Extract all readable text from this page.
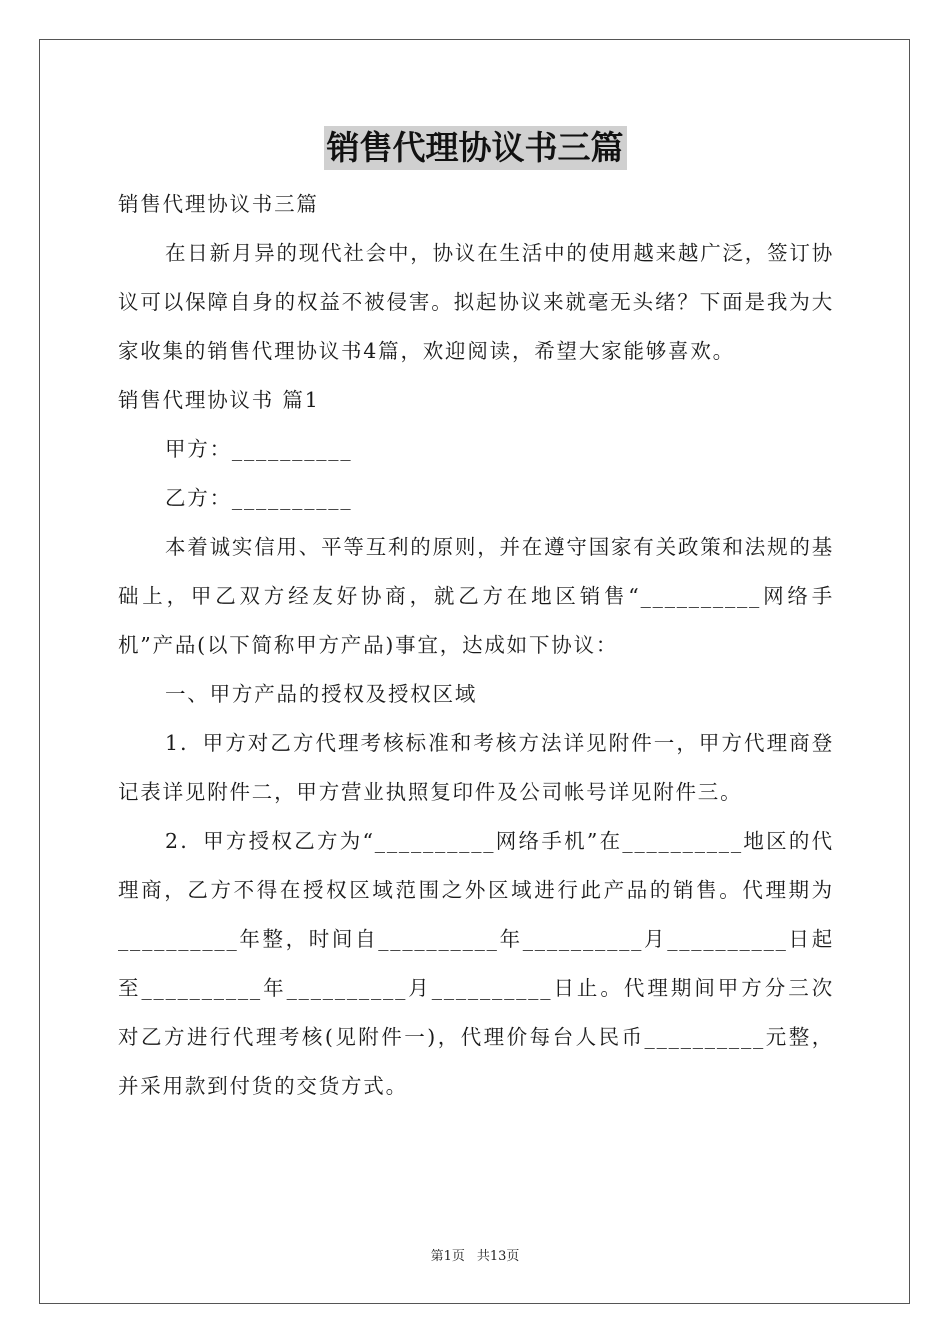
销售代理协议书三篇

销售代理协议书三篇

在日新月异的现代社会中，协议在生活中的使用越来越广泛，签订协议可以保障自身的权益不被侵害。拟起协议来就毫无头绪？下面是我为大家收集的销售代理协议书4篇，欢迎阅读，希望大家能够喜欢。

销售代理协议书 篇1

甲方：__________

乙方：__________

本着诚实信用、平等互利的原则，并在遵守国家有关政策和法规的基础上，甲乙双方经友好协商，就乙方在地区销售“__________网络手机”产品(以下简称甲方产品)事宜，达成如下协议：

一、甲方产品的授权及授权区域

1．甲方对乙方代理考核标准和考核方法详见附件一，甲方代理商登记表详见附件二，甲方营业执照复印件及公司帐号详见附件三。

2．甲方授权乙方为“__________网络手机”在__________地区的代理商，乙方不得在授权区域范围之外区域进行此产品的销售。代理期为__________年整，时间自__________年__________月__________日起至__________年__________月__________日止。代理期间甲方分三次对乙方进行代理考核(见附件一)，代理价每台人民币__________元整，并采用款到付货的交货方式。

第1页 共13页
